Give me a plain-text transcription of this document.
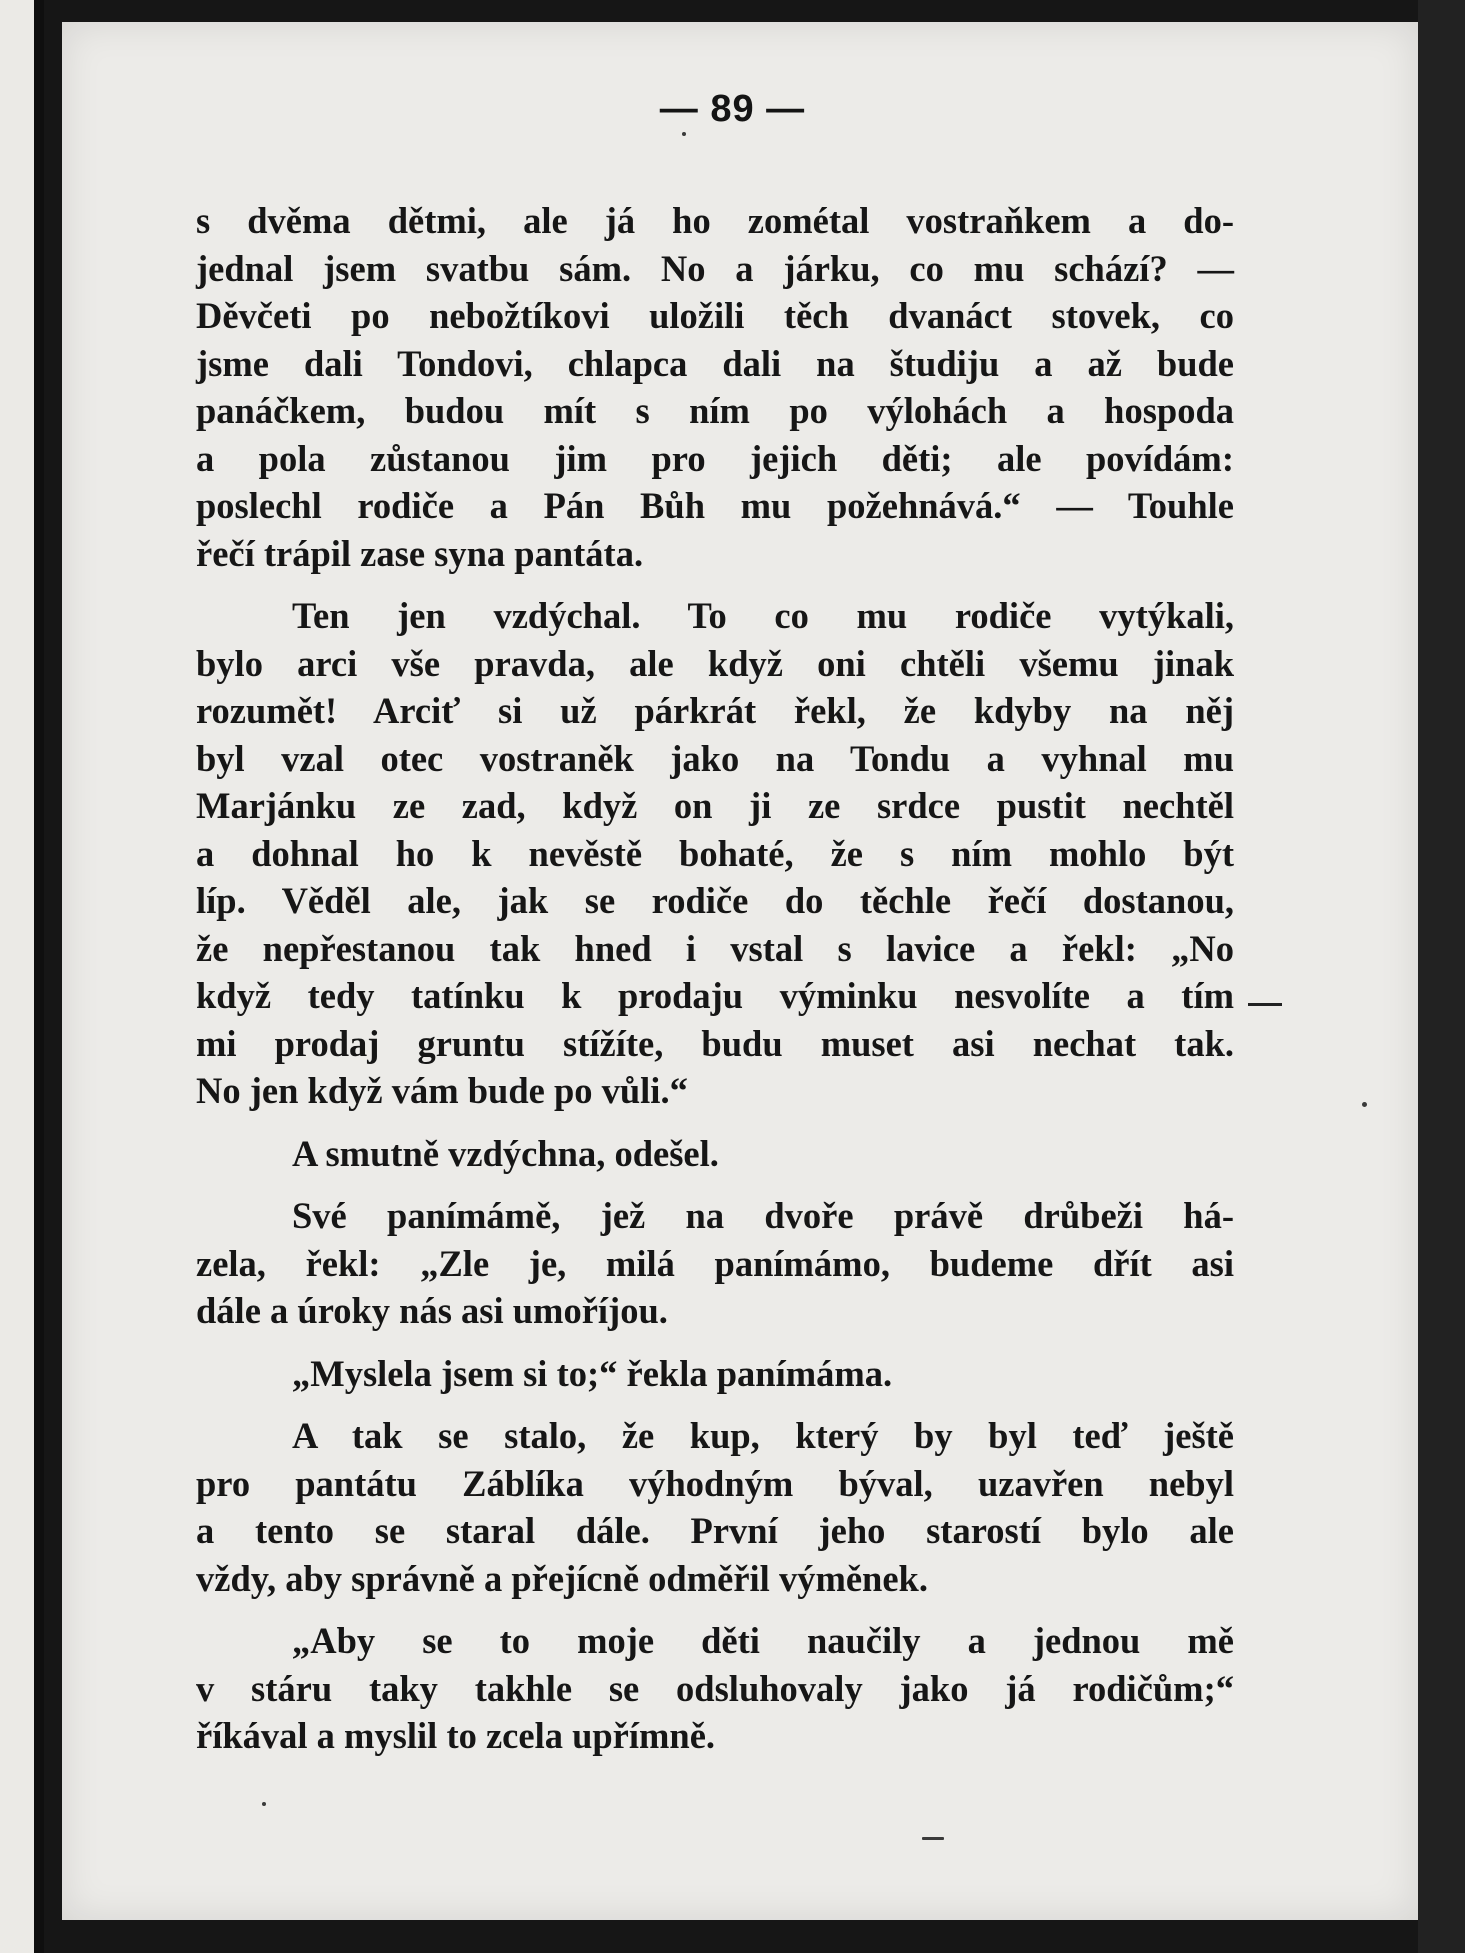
— 89 —

s dvěma dětmi, ale já ho zométal vostraňkem a do-
jednal jsem svatbu sám. No a járku, co mu schází? —
Děvčeti po nebožtíkovi uložili těch dvanáct stovek, co
jsme dali Tondovi, chlapca dali na študiju a až bude
panáčkem, budou mít s ním po výlohách a hospoda
a pola zůstanou jim pro jejich děti; ale povídám:
poslechl rodiče a Pán Bůh mu požehnává.“ — Touhle
řečí trápil zase syna pantáta.

Ten jen vzdýchal. To co mu rodiče vytýkali,
bylo arci vše pravda, ale když oni chtěli všemu jinak
rozumět! Arciť si už párkrát řekl, že kdyby na něj
byl vzal otec vostraněk jako na Tondu a vyhnal mu
Marjánku ze zad, když on ji ze srdce pustit nechtěl
a dohnal ho k nevěstě bohaté, že s ním mohlo být
líp. Věděl ale, jak se rodiče do těchle řečí dostanou,
že nepřestanou tak hned i vstal s lavice a řekl: „No
když tedy tatínku k prodaju výminku nesvolíte a tím
mi prodaj gruntu stížíte, budu muset asi nechat tak.
No jen když vám bude po vůli.“

A smutně vzdýchna, odešel.

Své panímámě, jež na dvoře právě drůbeži há-
zela, řekl: „Zle je, milá panímámo, budeme dřít asi
dále a úroky nás asi umoříjou.

„Myslela jsem si to;“ řekla panímáma.

A tak se stalo, že kup, který by byl teď ještě
pro pantátu Záblíka výhodným býval, uzavřen nebyl
a tento se staral dále. První jeho starostí bylo ale
vždy, aby správně a přejícně odměřil výměnek.

„Aby se to moje děti naučily a jednou mě
v stáru taky takhle se odsluhovaly jako já rodičům;“
říkával a myslil to zcela upřímně.
